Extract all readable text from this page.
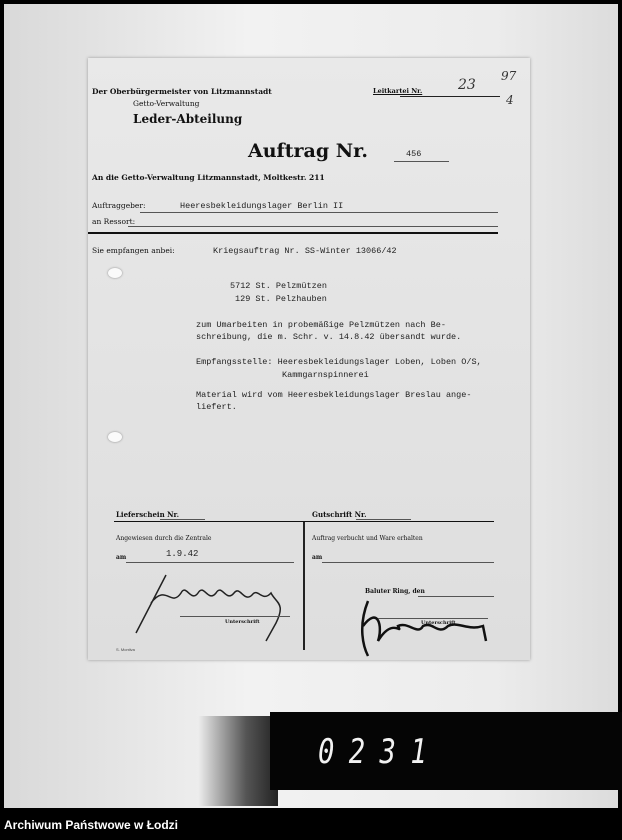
Der Oberbürgermeister von Litzmannstadt
Getto-Verwaltung
Leder-Abteilung
Leitkartei Nr.	23
97
4
Auftrag Nr.	456
An die Getto-Verwaltung Litzmannstadt, Moltkestr. 211
Auftraggeber:	Heeresbekleidungslager Berlin II
an Ressort:
Sie empfangen anbei:	Kriegsauftrag Nr. SS-Winter 13066/42
5712 St. Pelzmützen
129 St. Pelzhauben
zum Umarbeiten in probemäßige Pelzmützen nach Be-
schreibung, die m. Schr. v. 14.8.42 übersandt wurde.
Empfangsstelle: Heeresbekleidungslager Loben, Loben O/S,
Kammgarnspinnerei
Material wird vom Heeresbekleidungslager Breslau ange-
liefert.
Lieferschein Nr.	Gutschrift Nr.
Angewiesen durch die Zentrale
am	1.9.42
Unterschrift
Auftrag verbucht und Ware erhalten
am
Baluter Ring, den
Unterschrift
S. Montiva
0231
Archiwum Państwowe w Łodzi
